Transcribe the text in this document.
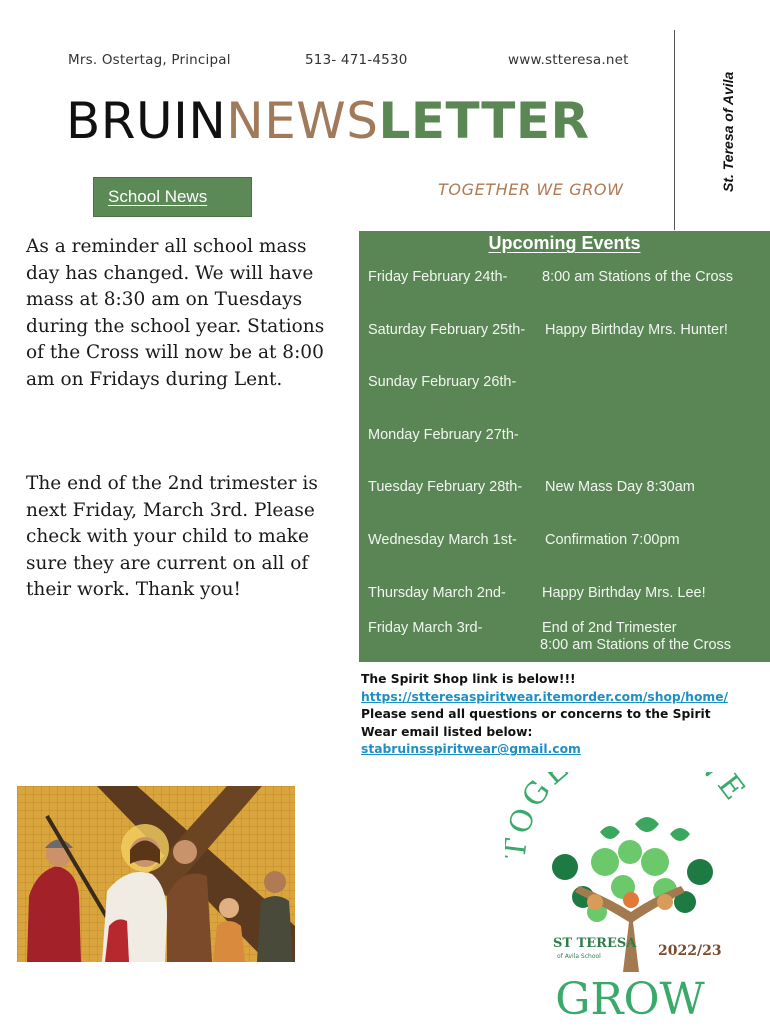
Mrs. Ostertag, Principal	513- 471-4530	www.stteresa.net
St. Teresa of Avila
BRUINNEWSLETTER
TOGETHER WE GROW
School News
As a reminder all school mass day has changed. We will have mass at 8:30 am on Tuesdays during the school year. Stations of the Cross will now be at 8:00 am on Fridays during Lent.
The end of the 2nd trimester is next Friday, March 3rd. Please check with your child to make sure they are current on all of their work. Thank you!
Upcoming Events
Friday February 24th- 8:00 am Stations of the Cross
Saturday February 25th- Happy Birthday Mrs. Hunter!
Sunday February 26th-
Monday February 27th-
Tuesday February 28th- New Mass Day 8:30am
Wednesday March 1st- Confirmation 7:00pm
Thursday March 2nd- Happy Birthday Mrs. Lee!
Friday March 3rd-	End of 2nd Trimester
8:00 am Stations of the Cross
The Spirit Shop link is below!!!
https://stteresaspiritwear.itemorder.com/shop/home/
Please send all questions or concerns to the Spirit
Wear email listed below:
stabruinsspiritwear@gmail.com
OG E
ST TERESA
of Avila School	2022/23
GROW
